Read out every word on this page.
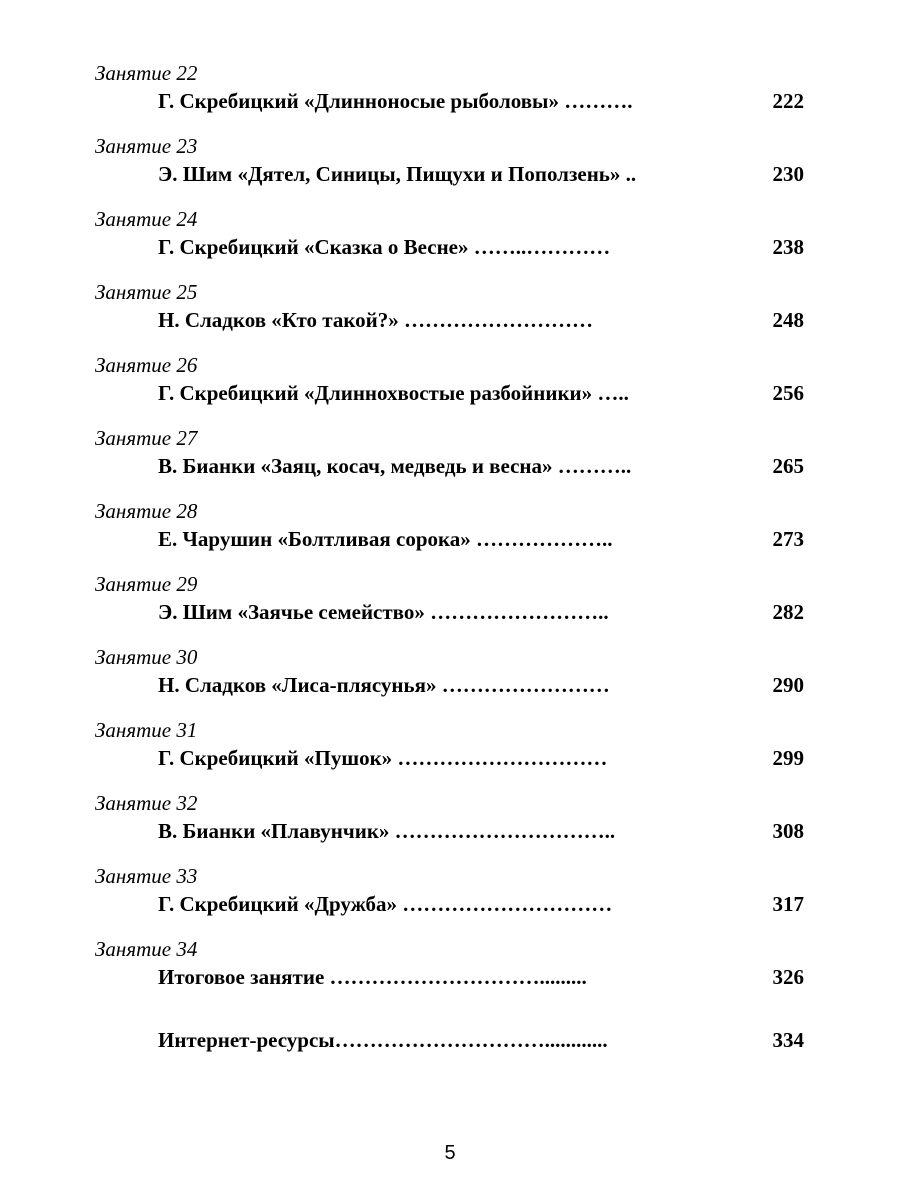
Занятие 22
Г. Скребицкий «Длинноносые рыболовы» ……….	222
Занятие 23
Э. Шим «Дятел, Синицы, Пищухи и Поползень» ..	230
Занятие 24
Г. Скребицкий «Сказка о Весне» ……..…………	238
Занятие 25
Н. Сладков «Кто такой?» ………………………	248
Занятие 26
Г. Скребицкий «Длиннохвостые разбойники» …..	256
Занятие 27
В. Бианки «Заяц, косач, медведь и весна» ………..	265
Занятие 28
Е. Чарушин «Болтливая сорока» ………………..	273
Занятие 29
Э. Шим «Заячье семейство» ……………………..	282
Занятие 30
Н. Сладков «Лиса-плясунья» ……………………	290
Занятие 31
Г. Скребицкий «Пушок» …………………………	299
Занятие 32
В. Бианки «Плавунчик» …………………………..	308
Занятие 33
Г. Скребицкий «Дружба» …………………………	317
Занятие 34
Итоговое занятие ………………………….........	326
Интернет-ресурсы…………………………............	334
5
